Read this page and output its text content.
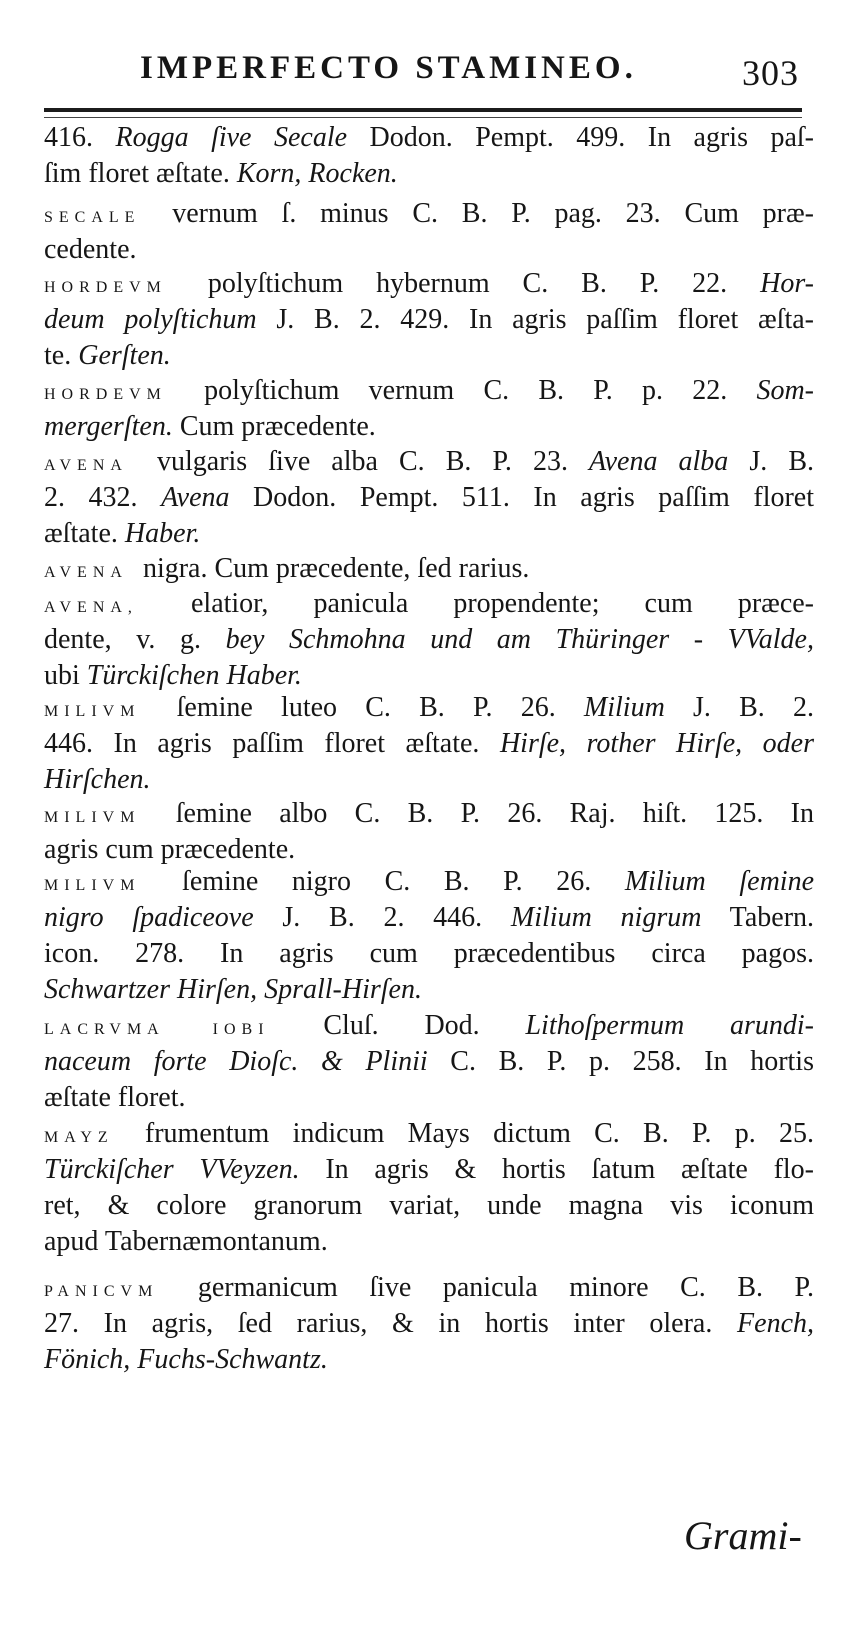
IMPERFECTO STAMINEO.	303
416. Rogga ſive Secale Dodon. Pempt. 499. In agris paſ-
ſim floret æſtate. Korn, Rocken.
SECALE vernum ſ. minus C. B. P. pag. 23. Cum præ-
cedente.
HORDEVM polyſtichum hybernum C. B. P. 22. Hor-
deum polyſtichum J. B. 2. 429. In agris paſſim floret æſta-
te. Gerſten.
HORDEVM polyſtichum vernum C. B. P. p. 22. Som-
mergerſten. Cum præcedente.
AVENA vulgaris ſive alba C. B. P. 23. Avena alba J. B.
2. 432. Avena Dodon. Pempt. 511. In agris paſſim floret
æſtate. Haber.
AVENA nigra. Cum præcedente, ſed rarius.
AVENA, elatior, panicula propendente; cum præce-
dente, v. g. bey Schmohna und am Thüringer - VValde,
ubi Türckiſchen Haber.
MILIVM ſemine luteo C. B. P. 26. Milium J. B. 2.
446. In agris paſſim floret æſtate. Hirſe, rother Hirſe, oder
Hirſchen.
MILIVM ſemine albo C. B. P. 26. Raj. hiſt. 125. In
agris cum præcedente.
MILIVM ſemine nigro C. B. P. 26. Milium ſemine
nigro ſpadiceove J. B. 2. 446. Milium nigrum Tabern.
icon. 278. In agris cum præcedentibus circa pagos.
Schwartzer Hirſen, Sprall-Hirſen.
LACRVMA IOBI Cluſ. Dod. Lithoſpermum arundi-
naceum forte Dioſc. & Plinii C. B. P. p. 258. In hortis
æſtate floret.
MAYZ frumentum indicum Mays dictum C. B. P. p. 25.
Türckiſcher VVeyzen. In agris & hortis ſatum æſtate flo-
ret, & colore granorum variat, unde magna vis iconum
apud Tabernæmontanum.
PANICVM germanicum ſive panicula minore C. B. P.
27. In agris, ſed rarius, & in hortis inter olera. Fench,
Fönich, Fuchs-Schwantz.
Grami-
